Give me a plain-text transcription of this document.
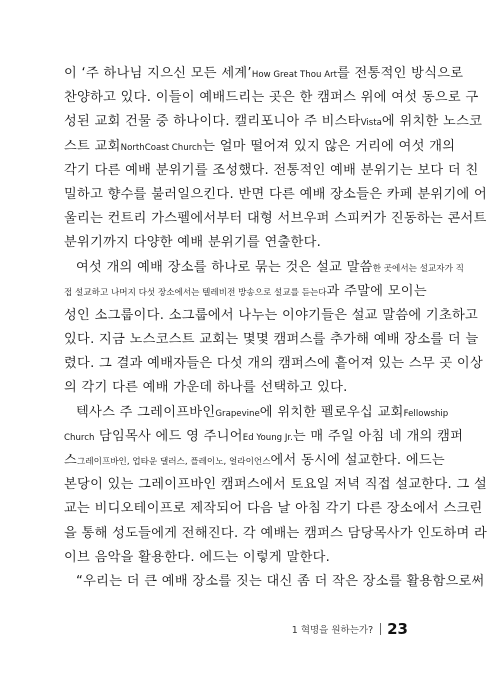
이 ‘주 하나님 지으신 모든 세계’How Great Thou Art를 전통적인 방식으로
찬양하고 있다. 이들이 예배드리는 곳은 한 캠퍼스 위에 여섯 동으로 구
성된 교회 건물 중 하나이다. 캘리포니아 주 비스타Vista에 위치한 노스코
스트 교회NorthCoast Church는 얼마 떨어져 있지 않은 거리에 여섯 개의
각기 다른 예배 분위기를 조성했다. 전통적인 예배 분위기는 보다 더 친
밀하고 향수를 불러일으킨다. 반면 다른 예배 장소들은 카페 분위기에 어
울리는 컨트리 가스펠에서부터 대형 서브우퍼 스피커가 진동하는 콘서트
분위기까지 다양한 예배 분위기를 연출한다.
여섯 개의 예배 장소를 하나로 묶는 것은 설교 말씀한 곳에서는 설교자가 직
접 설교하고 나머지 다섯 장소에서는 텔레비전 방송으로 설교를 듣는다과 주말에 모이는
성인 소그룹이다. 소그룹에서 나누는 이야기들은 설교 말씀에 기초하고
있다. 지금 노스코스트 교회는 몇몇 캠퍼스를 추가해 예배 장소를 더 늘
렸다. 그 결과 예배자들은 다섯 개의 캠퍼스에 흩어져 있는 스무 곳 이상
의 각기 다른 예배 가운데 하나를 선택하고 있다.
텍사스 주 그레이프바인Grapevine에 위치한 펠로우십 교회Fellowship
Church 담임목사 에드 영 주니어Ed Young Jr.는 매 주일 아침 네 개의 캠퍼
스그레이프바인, 업타운 댈러스, 플레이노, 얼라이언스에서 동시에 설교한다. 에드는
본당이 있는 그레이프바인 캠퍼스에서 토요일 저녁 직접 설교한다. 그 설
교는 비디오테이프로 제작되어 다음 날 아침 각기 다른 장소에서 스크린
을 통해 성도들에게 전해진다. 각 예배는 캠퍼스 담당목사가 인도하며 라
이브 음악을 활용한다. 에드는 이렇게 말한다.
“우리는 더 큰 예배 장소를 짓는 대신 좀 더 작은 장소를 활용함으로써
1 혁명을 원하는가? 23
